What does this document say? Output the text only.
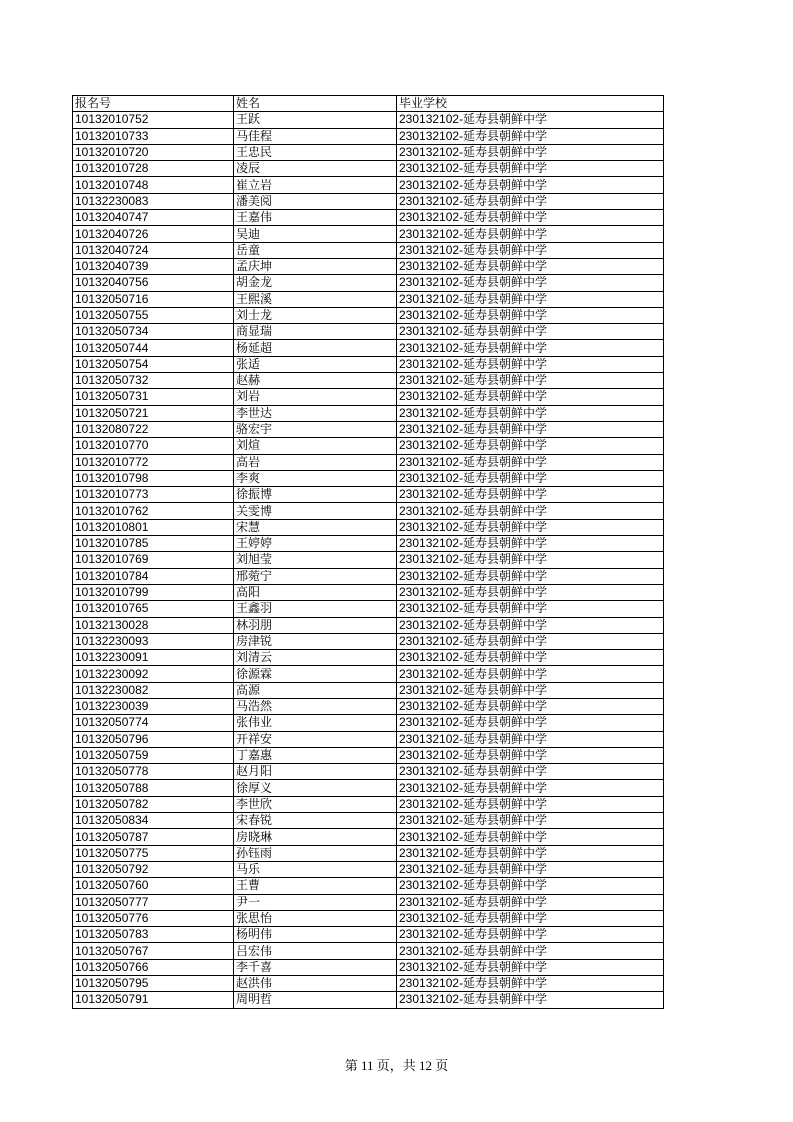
报名号	姓名	毕业学校
10132010752	王跃	230132102-延寿县朝鲜中学
10132010733	马佳程	230132102-延寿县朝鲜中学
10132010720	王忠民	230132102-延寿县朝鲜中学
10132010728	凌辰	230132102-延寿县朝鲜中学
10132010748	崔立岩	230132102-延寿县朝鲜中学
10132230083	潘美阅	230132102-延寿县朝鲜中学
10132040747	王嘉伟	230132102-延寿县朝鲜中学
10132040726	吴迪	230132102-延寿县朝鲜中学
10132040724	岳童	230132102-延寿县朝鲜中学
10132040739	孟庆坤	230132102-延寿县朝鲜中学
10132040756	胡金龙	230132102-延寿县朝鲜中学
10132050716	王熙溪	230132102-延寿县朝鲜中学
10132050755	刘士龙	230132102-延寿县朝鲜中学
10132050734	商显瑞	230132102-延寿县朝鲜中学
10132050744	杨延超	230132102-延寿县朝鲜中学
10132050754	张适	230132102-延寿县朝鲜中学
10132050732	赵赫	230132102-延寿县朝鲜中学
10132050731	刘岩	230132102-延寿县朝鲜中学
10132050721	李世达	230132102-延寿县朝鲜中学
10132080722	骆宏宇	230132102-延寿县朝鲜中学
10132010770	刘煊	230132102-延寿县朝鲜中学
10132010772	高岩	230132102-延寿县朝鲜中学
10132010798	李爽	230132102-延寿县朝鲜中学
10132010773	徐振博	230132102-延寿县朝鲜中学
10132010762	关雯博	230132102-延寿县朝鲜中学
10132010801	宋慧	230132102-延寿县朝鲜中学
10132010785	王婷婷	230132102-延寿县朝鲜中学
10132010769	刘旭莹	230132102-延寿县朝鲜中学
10132010784	邢菀宁	230132102-延寿县朝鲜中学
10132010799	高阳	230132102-延寿县朝鲜中学
10132010765	王鑫羽	230132102-延寿县朝鲜中学
10132130028	林羽朋	230132102-延寿县朝鲜中学
10132230093	房津锐	230132102-延寿县朝鲜中学
10132230091	刘清云	230132102-延寿县朝鲜中学
10132230092	徐源霖	230132102-延寿县朝鲜中学
10132230082	高源	230132102-延寿县朝鲜中学
10132230039	马浩然	230132102-延寿县朝鲜中学
10132050774	张伟业	230132102-延寿县朝鲜中学
10132050796	开祥安	230132102-延寿县朝鲜中学
10132050759	丁嘉惠	230132102-延寿县朝鲜中学
10132050778	赵月阳	230132102-延寿县朝鲜中学
10132050788	徐厚义	230132102-延寿县朝鲜中学
10132050782	李世欣	230132102-延寿县朝鲜中学
10132050834	宋春锐	230132102-延寿县朝鲜中学
10132050787	房晓琳	230132102-延寿县朝鲜中学
10132050775	孙钰雨	230132102-延寿县朝鲜中学
10132050792	马乐	230132102-延寿县朝鲜中学
10132050760	王曹	230132102-延寿县朝鲜中学
10132050777	尹一	230132102-延寿县朝鲜中学
10132050776	张思怡	230132102-延寿县朝鲜中学
10132050783	杨明伟	230132102-延寿县朝鲜中学
10132050767	吕宏伟	230132102-延寿县朝鲜中学
10132050766	李千喜	230132102-延寿县朝鲜中学
10132050795	赵洪伟	230132102-延寿县朝鲜中学
10132050791	周明哲	230132102-延寿县朝鲜中学
第 11 页，共 12 页
